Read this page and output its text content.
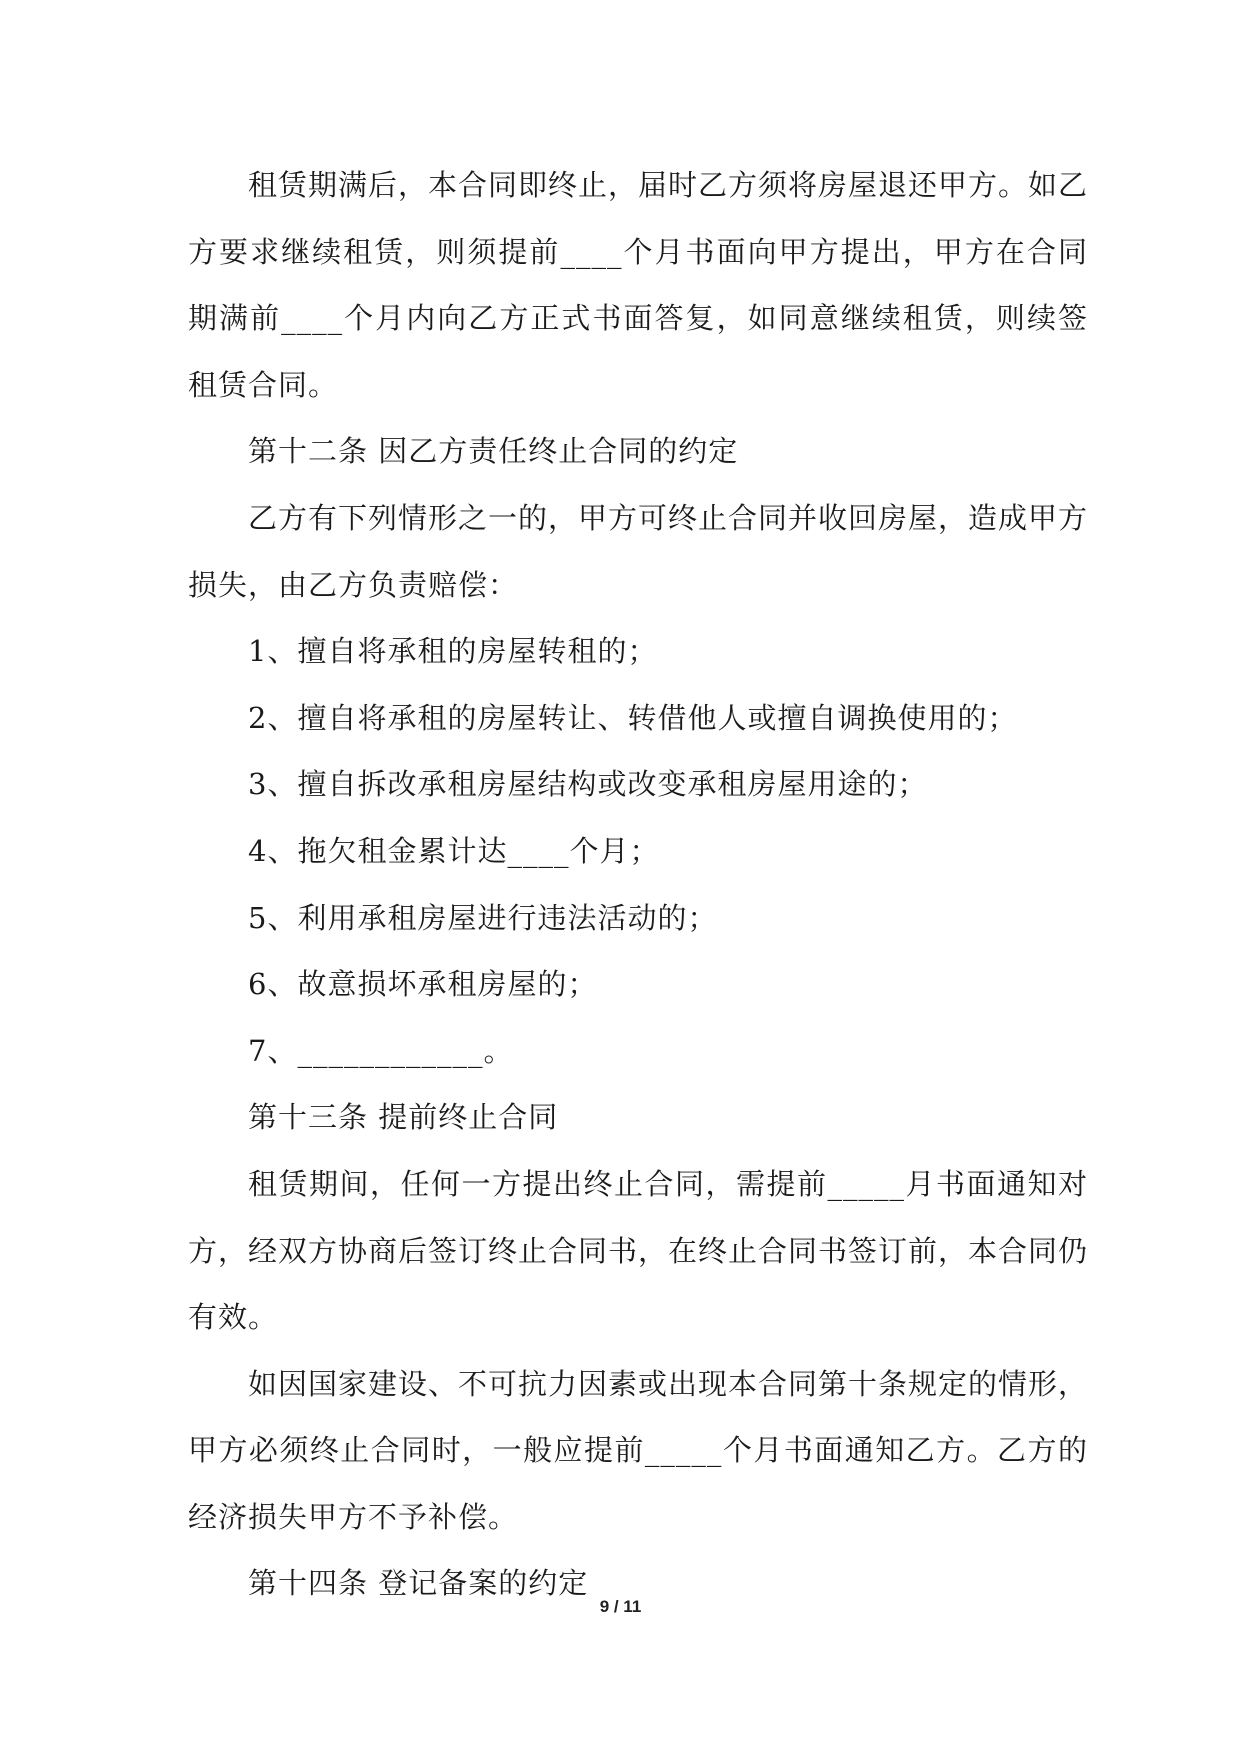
租赁期满后，本合同即终止，届时乙方须将房屋退还甲方。如乙方要求继续租赁，则须提前____个月书面向甲方提出，甲方在合同期满前____个月内向乙方正式书面答复，如同意继续租赁，则续签租赁合同。

第十二条 因乙方责任终止合同的约定

乙方有下列情形之一的，甲方可终止合同并收回房屋，造成甲方损失，由乙方负责赔偿：

1、擅自将承租的房屋转租的；

2、擅自将承租的房屋转让、转借他人或擅自调换使用的；

3、擅自拆改承租房屋结构或改变承租房屋用途的；

4、拖欠租金累计达____个月；

5、利用承租房屋进行违法活动的；

6、故意损坏承租房屋的；

7、____________。

第十三条 提前终止合同

租赁期间，任何一方提出终止合同，需提前_____月书面通知对方，经双方协商后签订终止合同书，在终止合同书签订前，本合同仍有效。

如因国家建设、不可抗力因素或出现本合同第十条规定的情形，甲方必须终止合同时，一般应提前_____个月书面通知乙方。乙方的经济损失甲方不予补偿。

第十四条 登记备案的约定

9 / 11
